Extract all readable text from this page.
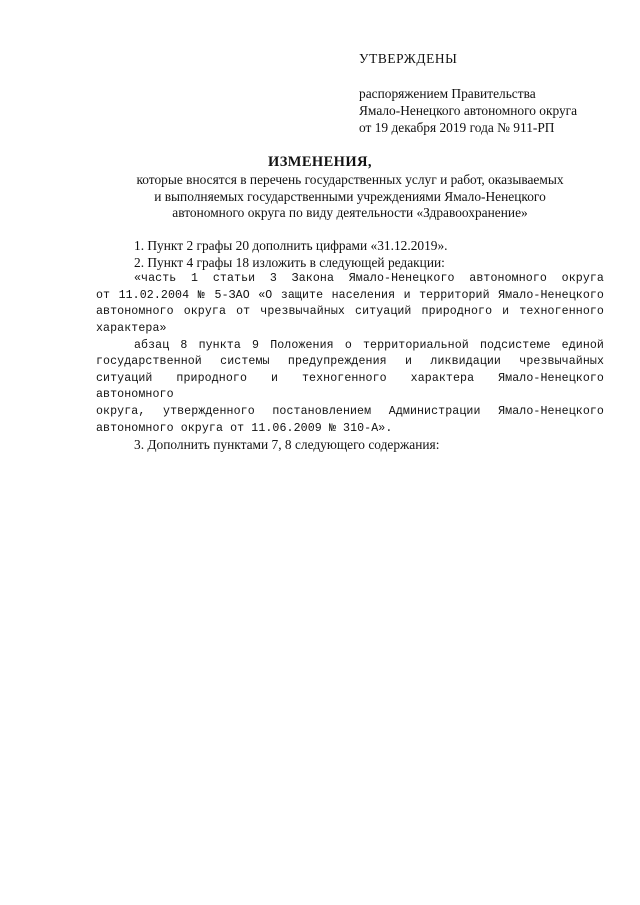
УТВЕРЖДЕНЫ
распоряжением Правительства
Ямало-Ненецкого автономного округа
от 19 декабря 2019 года № 911-РП
ИЗМЕНЕНИЯ,
которые вносятся в перечень государственных услуг и работ, оказываемых
и выполняемых государственными учреждениями Ямало-Ненецкого
автономного округа по виду деятельности «Здравоохранение»
1. Пункт 2 графы 20 дополнить цифрами «31.12.2019».
2. Пункт 4 графы 18 изложить в следующей редакции:
«часть 1 статьи 3 Закона Ямало-Ненецкого автономного округа
от 11.02.2004 № 5-ЗАО «О защите населения и территорий Ямало-Ненецкого
автономного округа от чрезвычайных ситуаций природного и техногенного
характера»
абзац 8 пункта 9 Положения о территориальной подсистеме единой
государственной системы предупреждения и ликвидации чрезвычайных
ситуаций природного и техногенного характера Ямало-Ненецкого автономного
округа, утвержденного постановлением Администрации Ямало-Ненецкого
автономного округа от 11.06.2009 № 310-А».
3. Дополнить пунктами 7, 8 следующего содержания:
